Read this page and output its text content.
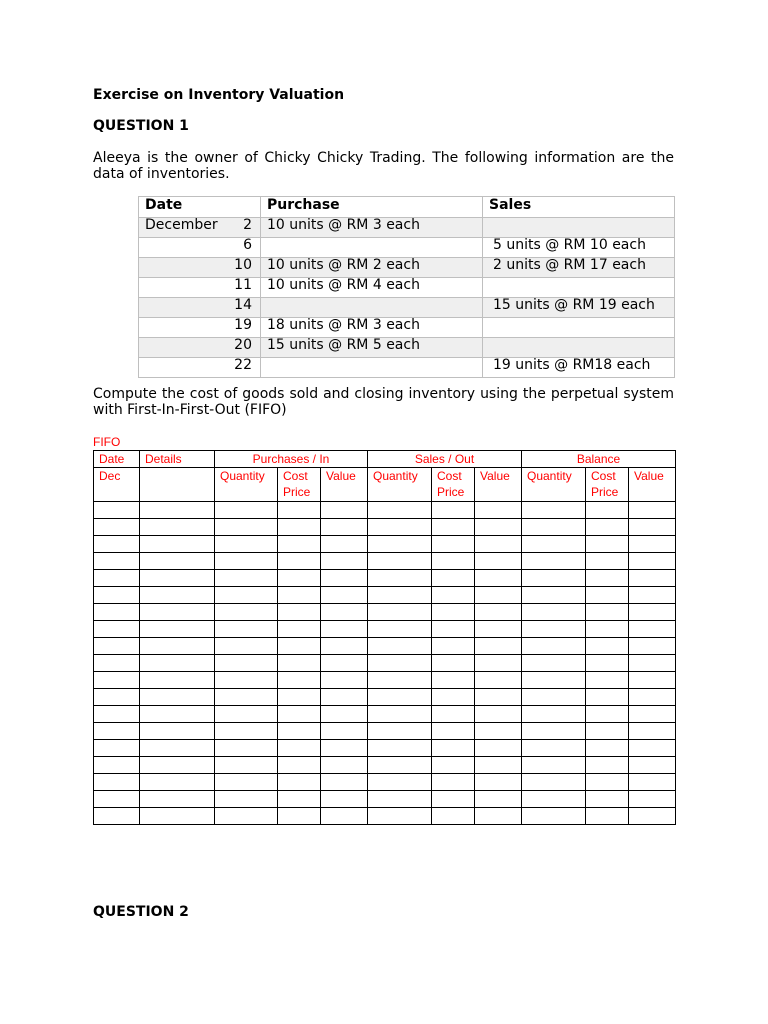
Exercise on Inventory Valuation
QUESTION 1
Aleeya is the owner of Chicky Chicky Trading. The following information are the data of inventories.
Date	Purchase	Sales

December 2	10 units @ RM 3 each	

6		5 units @ RM 10 each

10	10 units @ RM 2 each	2 units @ RM 17 each

11	10 units @ RM 4 each	

14		15 units @ RM 19 each

19	18 units @ RM 3 each	

20	15 units @ RM 5 each	

22		19 units @ RM18 each
Compute the cost of goods sold and closing inventory using the perpetual system with First-In-First-Out (FIFO)
FIFO
Date	Details	Purchases / In			Sales / Out			Balance		
Dec		Quantity	Cost Price	Value	Quantity	Cost Price	Value	Quantity	Cost Price	Value

QUESTION 2
